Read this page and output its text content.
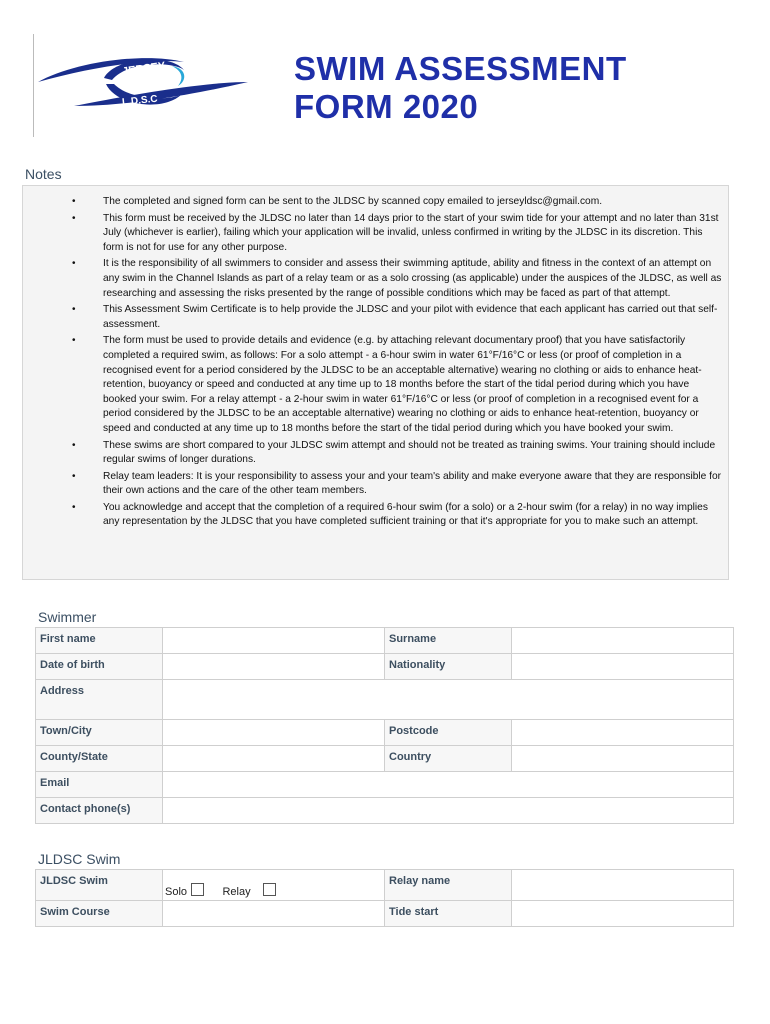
JERSEY
L.D.S.C
SWIM ASSESSMENT
FORM 2020
Notes
•	The completed and signed form can be sent to the JLDSC by scanned copy emailed to jerseyldsc@gmail.com.
•	This form must be received by the JLDSC no later than 14 days prior to the start of your swim tide for your attempt and no later than 31st July (whichever is earlier), failing which your application will be invalid, unless confirmed in writing by the JLDSC in its discretion. This form is not for use for any other purpose.
•	It is the responsibility of all swimmers to consider and assess their swimming aptitude, ability and fitness in the context of an attempt on any swim in the Channel Islands as part of a relay team or as a solo crossing (as applicable) under the auspices of the JLDSC, as well as researching and assessing the risks presented by the range of possible conditions which may be faced as part of that attempt.
•	This Assessment Swim Certificate is to help provide the JLDSC and your pilot with evidence that each applicant has carried out that self-assessment.
•	The form must be used to provide details and evidence (e.g. by attaching relevant documentary proof) that you have satisfactorily completed a required swim, as follows: For a solo attempt - a 6-hour swim in water 61°F/16°C or less (or proof of completion in a recognised event for a period considered by the JLDSC to be an acceptable alternative) wearing no clothing or aids to enhance heat-retention, buoyancy or speed and conducted at any time up to 18 months before the start of the tidal period during which you have booked your swim. For a relay attempt - a 2-hour swim in water 61°F/16°C or less (or proof of completion in a recognised event for a period considered by the JLDSC to be an acceptable alternative) wearing no clothing or aids to enhance heat-retention, buoyancy or speed and conducted at any time up to 18 months before the start of the tidal period during which you have booked your swim.
•	These swims are short compared to your JLDSC swim attempt and should not be treated as training swims. Your training should include regular swims of longer durations.
•	Relay team leaders: It is your responsibility to assess your and your team's ability and make everyone aware that they are responsible for their own actions and the care of the other team members.
•	You acknowledge and accept that the completion of a required 6-hour swim (for a solo) or a 2-hour swim (for a relay) in no way implies any representation by the JLDSC that you have completed sufficient training or that it's appropriate for you to make such an attempt.
Swimmer
First name		Surname	
Date of birth		Nationality	
Address			
Town/City		Postcode	
County/State		Country	
Email			
Contact phone(s)			
JLDSC Swim
JLDSC Swim	Solo Relay	Relay name	
Swim Course		Tide start	
